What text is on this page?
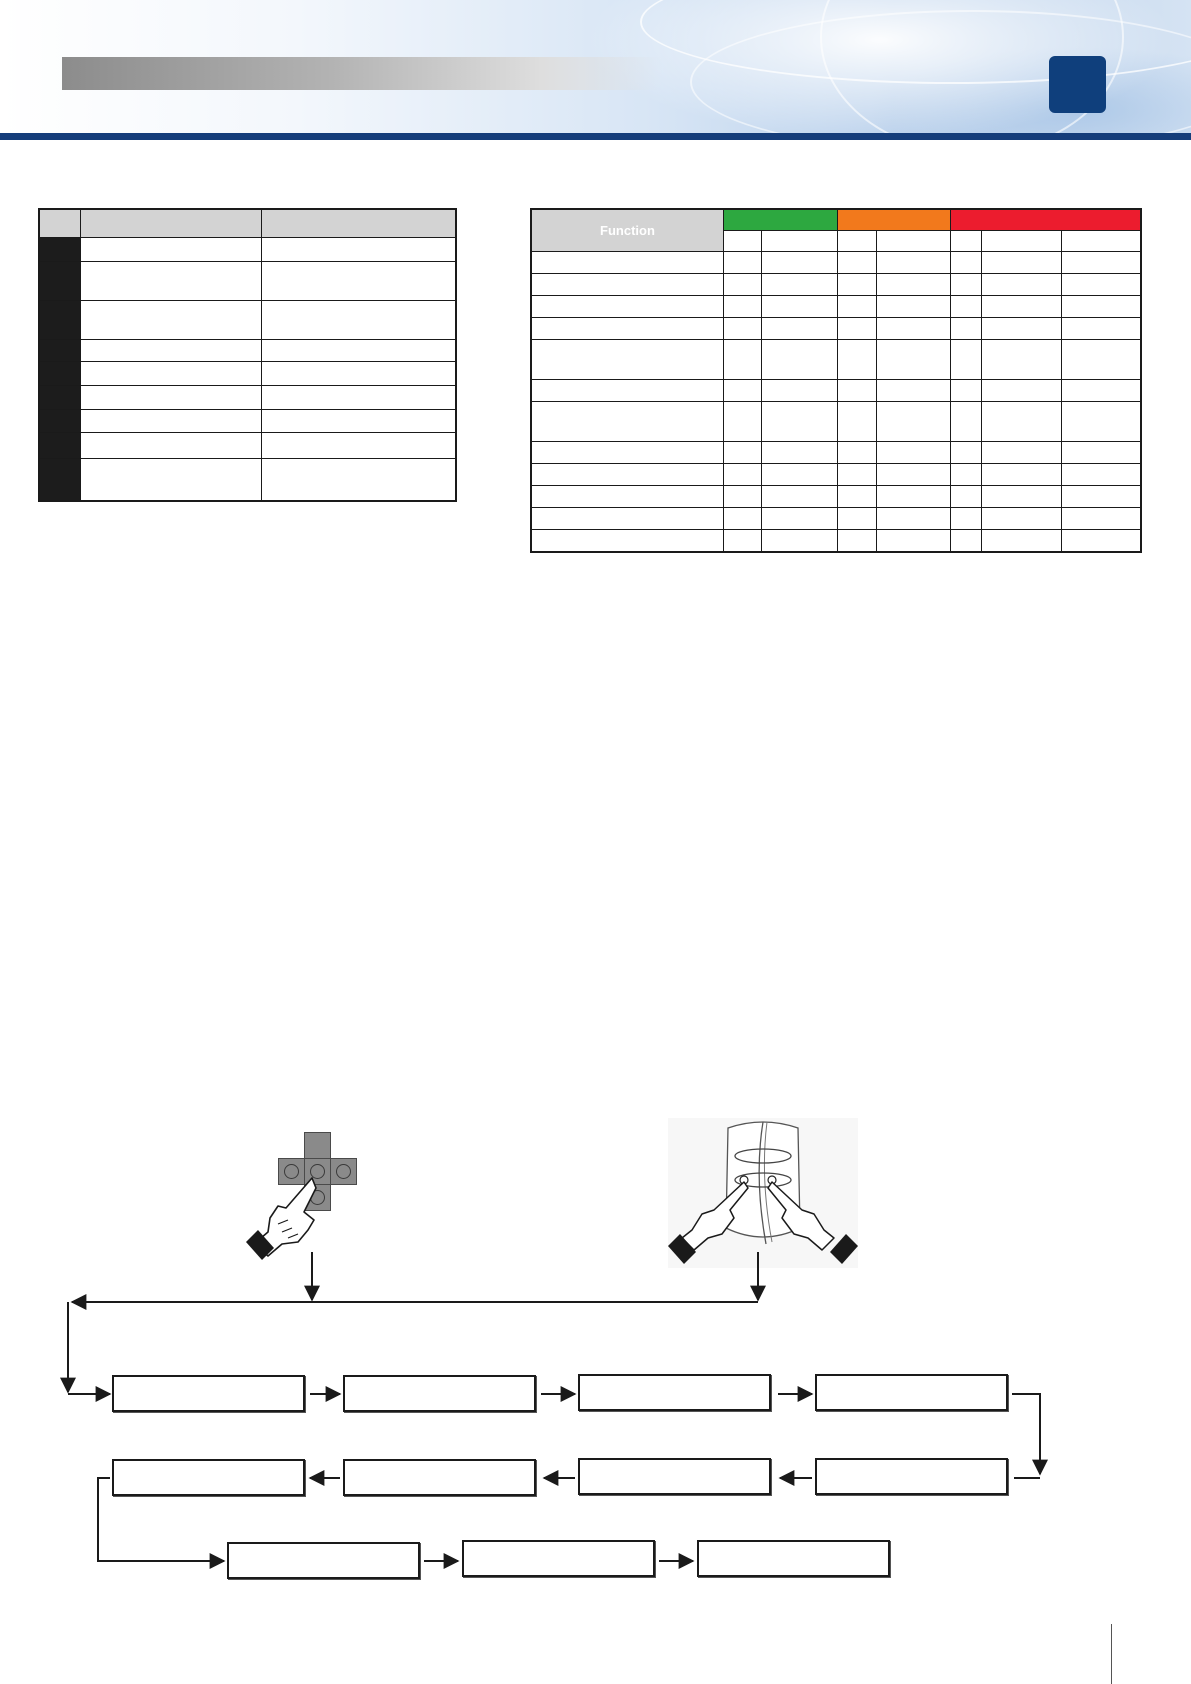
Function							
